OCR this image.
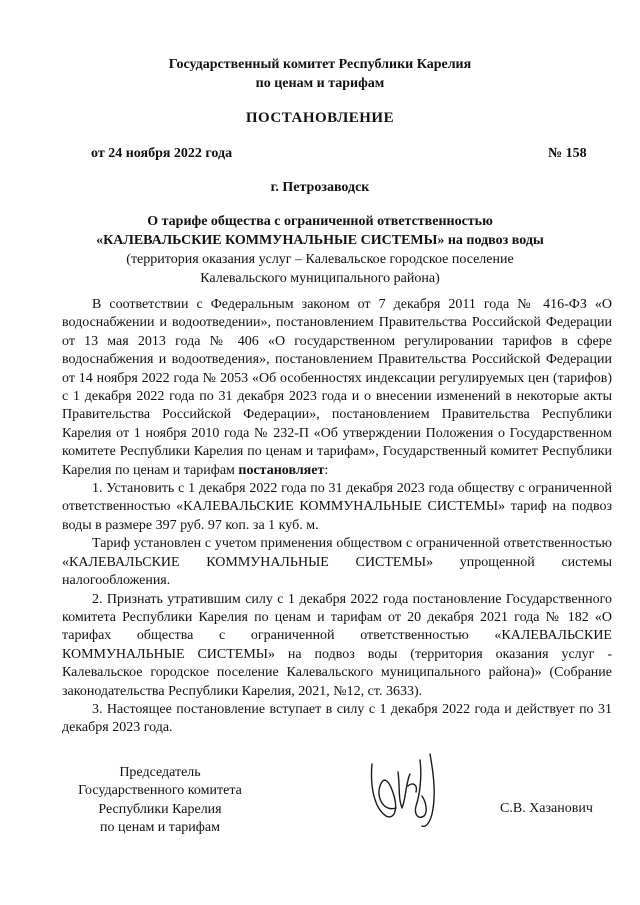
Государственный комитет Республики Карелия
по ценам и тарифам
ПОСТАНОВЛЕНИЕ
от 24 ноября 2022 года	№ 158
г. Петрозаводск
О тарифе общества с ограниченной ответственностью
«КАЛЕВАЛЬСКИЕ КОММУНАЛЬНЫЕ СИСТЕМЫ» на подвоз воды
(территория оказания услуг – Калевальское городское поселение
Калевальского муниципального района)

В соответствии с Федеральным законом от 7 декабря 2011 года № 416-ФЗ «О водоснабжении и водоотведении», постановлением Правительства Российской Федерации от 13 мая 2013 года № 406 «О государственном регулировании тарифов в сфере водоснабжения и водоотведения», постановлением Правительства Российской Федерации от 14 ноября 2022 года № 2053 «Об особенностях индексации регулируемых цен (тарифов) с 1 декабря 2022 года по 31 декабря 2023 года и о внесении изменений в некоторые акты Правительства Российской Федерации», постановлением Правительства Республики Карелия от 1 ноября 2010 года № 232-П «Об утверждении Положения о Государственном комитете Республики Карелия по ценам и тарифам», Государственный комитет Республики Карелия по ценам и тарифам постановляет:

1. Установить с 1 декабря 2022 года по 31 декабря 2023 года обществу с ограниченной ответственностью «КАЛЕВАЛЬСКИЕ КОММУНАЛЬНЫЕ СИСТЕМЫ» тариф на подвоз воды в размере 397 руб. 97 коп. за 1 куб. м.

Тариф установлен с учетом применения обществом с ограниченной ответственностью «КАЛЕВАЛЬСКИЕ КОММУНАЛЬНЫЕ СИСТЕМЫ» упрощенной системы налогообложения.

2. Признать утратившим силу с 1 декабря 2022 года постановление Государственного комитета Республики Карелия по ценам и тарифам от 20 декабря 2021 года № 182 «О тарифах общества с ограниченной ответственностью «КАЛЕВАЛЬСКИЕ КОММУНАЛЬНЫЕ СИСТЕМЫ» на подвоз воды (территория оказания услуг - Калевальское городское поселение Калевальского муниципального района)» (Собрание законодательства Республики Карелия, 2021, №12, ст. 3633).

3. Настоящее постановление вступает в силу с 1 декабря 2022 года и действует по 31 декабря 2023 года.

Председатель
Государственного комитета
Республики Карелия
по ценам и тарифам
С.В. Хазанович
